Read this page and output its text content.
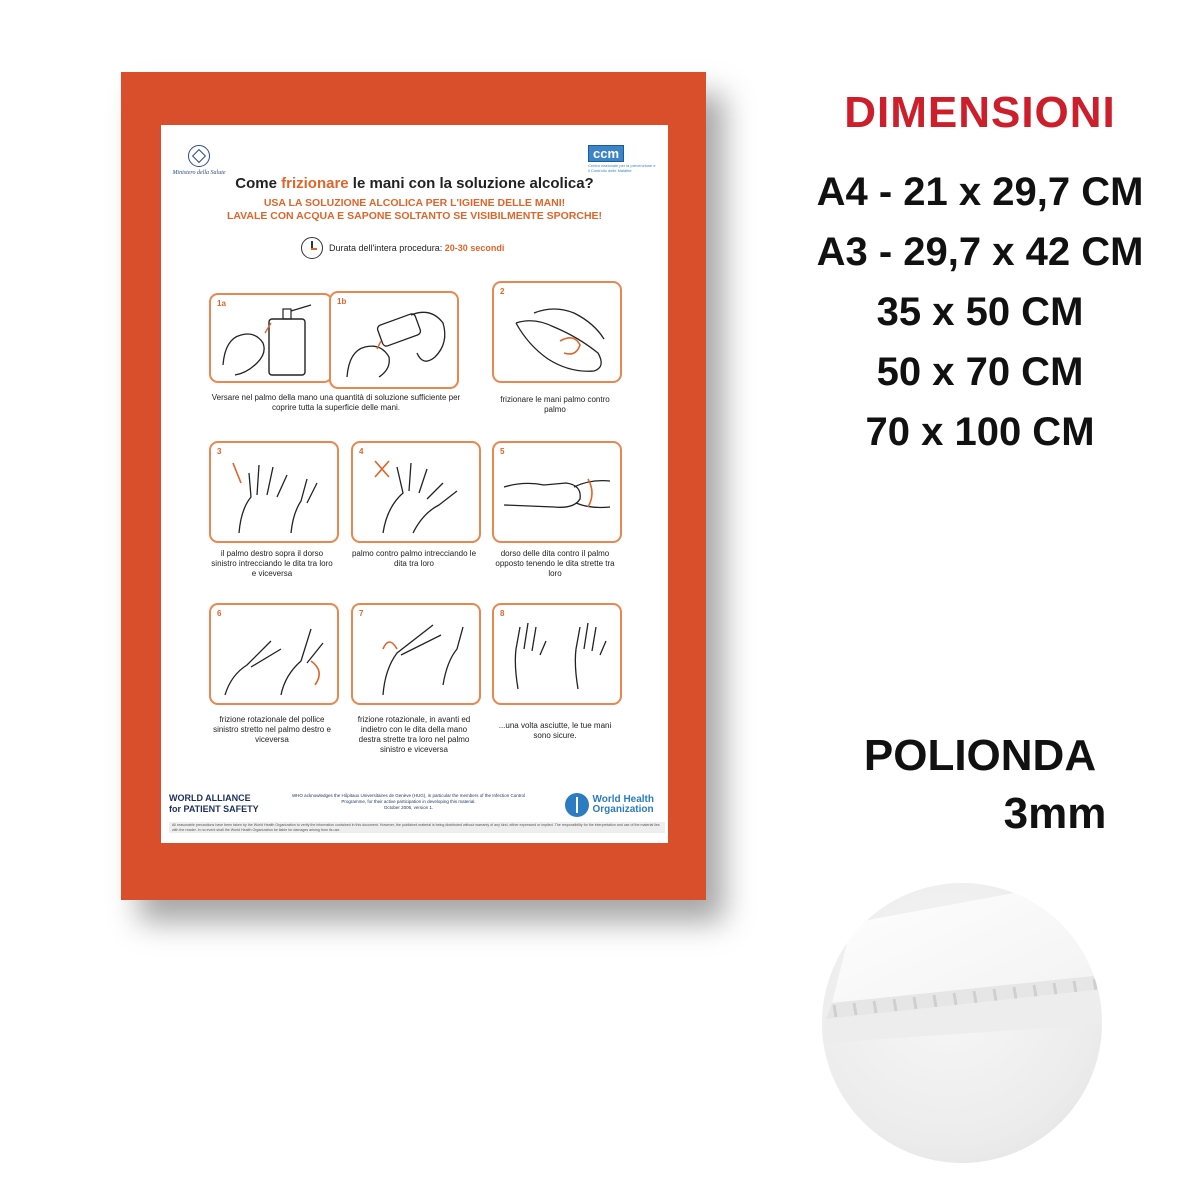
Ministero della Salute
ccm
Centro nazionale per la prevenzione e il Controllo delle Malattie
Come frizionare le mani con la soluzione alcolica?
USA LA SOLUZIONE ALCOLICA PER L'IGIENE DELLE MANI!
LAVALE CON ACQUA E SAPONE SOLTANTO SE VISIBILMENTE SPORCHE!
Durata dell'intera procedura: 20-30 secondi
1a	1b
Versare nel palmo della mano una quantità di soluzione sufficiente per coprire tutta la superficie delle mani.
2
frizionare le mani palmo contro palmo
3
il palmo destro sopra il dorso sinistro intrecciando le dita tra loro e viceversa
4
palmo contro palmo intrecciando le dita tra loro
5
dorso delle dita contro il palmo opposto tenendo le dita strette tra loro
6
frizione rotazionale del pollice sinistro stretto nel palmo destro e viceversa
7
frizione rotazionale, in avanti ed indietro con le dita della mano destra strette tra loro nel palmo sinistro e viceversa
8
...una volta asciutte, le tue mani sono sicure.
WORLD ALLIANCE
for PATIENT SAFETY
WHO acknowledges the Hôpitaux Universitaires de Genève (HUG), in particular the members of the Infection Control Programme, for their active participation in developing this material.
October 2006, version 1.
World Health
Organization
All reasonable precautions have been taken by the World Health Organization to verify the information contained in this document. However, the published material is being distributed without warranty of any kind, either expressed or implied. The responsibility for the interpretation and use of the material lies with the reader. In no event shall the World Health Organization be liable for damages arising from its use.
DIMENSIONI
A4 - 21 x 29,7 CM
A3 - 29,7 x 42 CM
35 x 50 CM
50 x 70 CM
70 x 100 CM
POLIONDA
3mm
